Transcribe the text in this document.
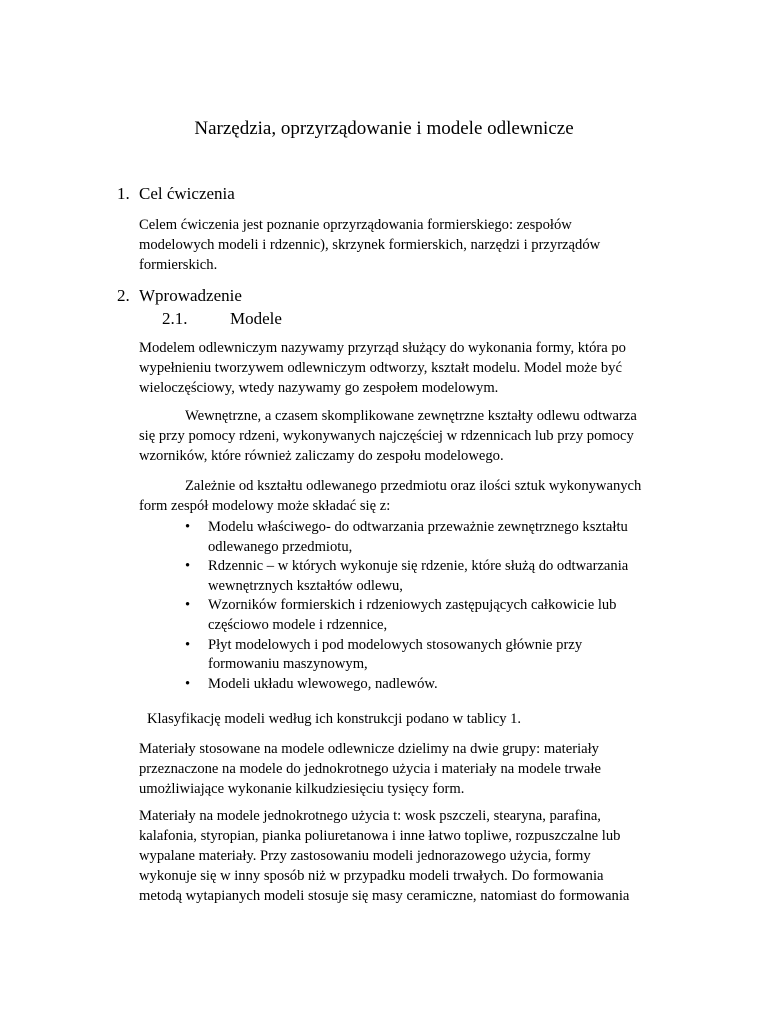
Narzędzia, oprzyrządowanie i modele odlewnicze
1. Cel ćwiczenia

Celem ćwiczenia jest poznanie oprzyrządowania formierskiego: zespołów
modelowych modeli i rdzennic), skrzynek formierskich, narzędzi i przyrządów
formierskich.

2. Wprowadzenie
2.1.	Modele

Modelem odlewniczym nazywamy przyrząd służący do wykonania formy, która po
wypełnieniu tworzywem odlewniczym odtworzy, kształt modelu. Model może być
wieloczęściowy, wtedy nazywamy go zespołem modelowym.

Wewnętrzne, a czasem skomplikowane zewnętrzne kształty odlewu odtwarza
się przy pomocy rdzeni, wykonywanych najczęściej w rdzennicach lub przy pomocy
wzorników, które również zaliczamy do zespołu modelowego.

Zależnie od kształtu odlewanego przedmiotu oraz ilości sztuk wykonywanych
form zespół modelowy może składać się z:

•	Modelu właściwego- do odtwarzania przeważnie zewnętrznego kształtu
odlewanego przedmiotu,
•	Rdzennic – w których wykonuje się rdzenie, które służą do odtwarzania
wewnętrznych kształtów odlewu,
•	Wzorników formierskich i rdzeniowych zastępujących całkowicie lub
częściowo modele i rdzennice,
•	Płyt modelowych i pod modelowych stosowanych głównie przy
formowaniu maszynowym,
•	Modeli układu wlewowego, nadlewów.

Klasyfikację modeli według ich konstrukcji podano w tablicy 1.

Materiały stosowane na modele odlewnicze dzielimy na dwie grupy: materiały
przeznaczone na modele do jednokrotnego użycia i materiały na modele trwałe
umożliwiające wykonanie kilkudziesięciu tysięcy form.

Materiały na modele jednokrotnego użycia t: wosk pszczeli, stearyna, parafina,
kalafonia, styropian, pianka poliuretanowa i inne łatwo topliwe, rozpuszczalne lub
wypalane materiały. Przy zastosowaniu modeli jednorazowego użycia, formy
wykonuje się w inny sposób niż w przypadku modeli trwałych. Do formowania
metodą wytapianych modeli stosuje się masy ceramiczne, natomiast do formowania
